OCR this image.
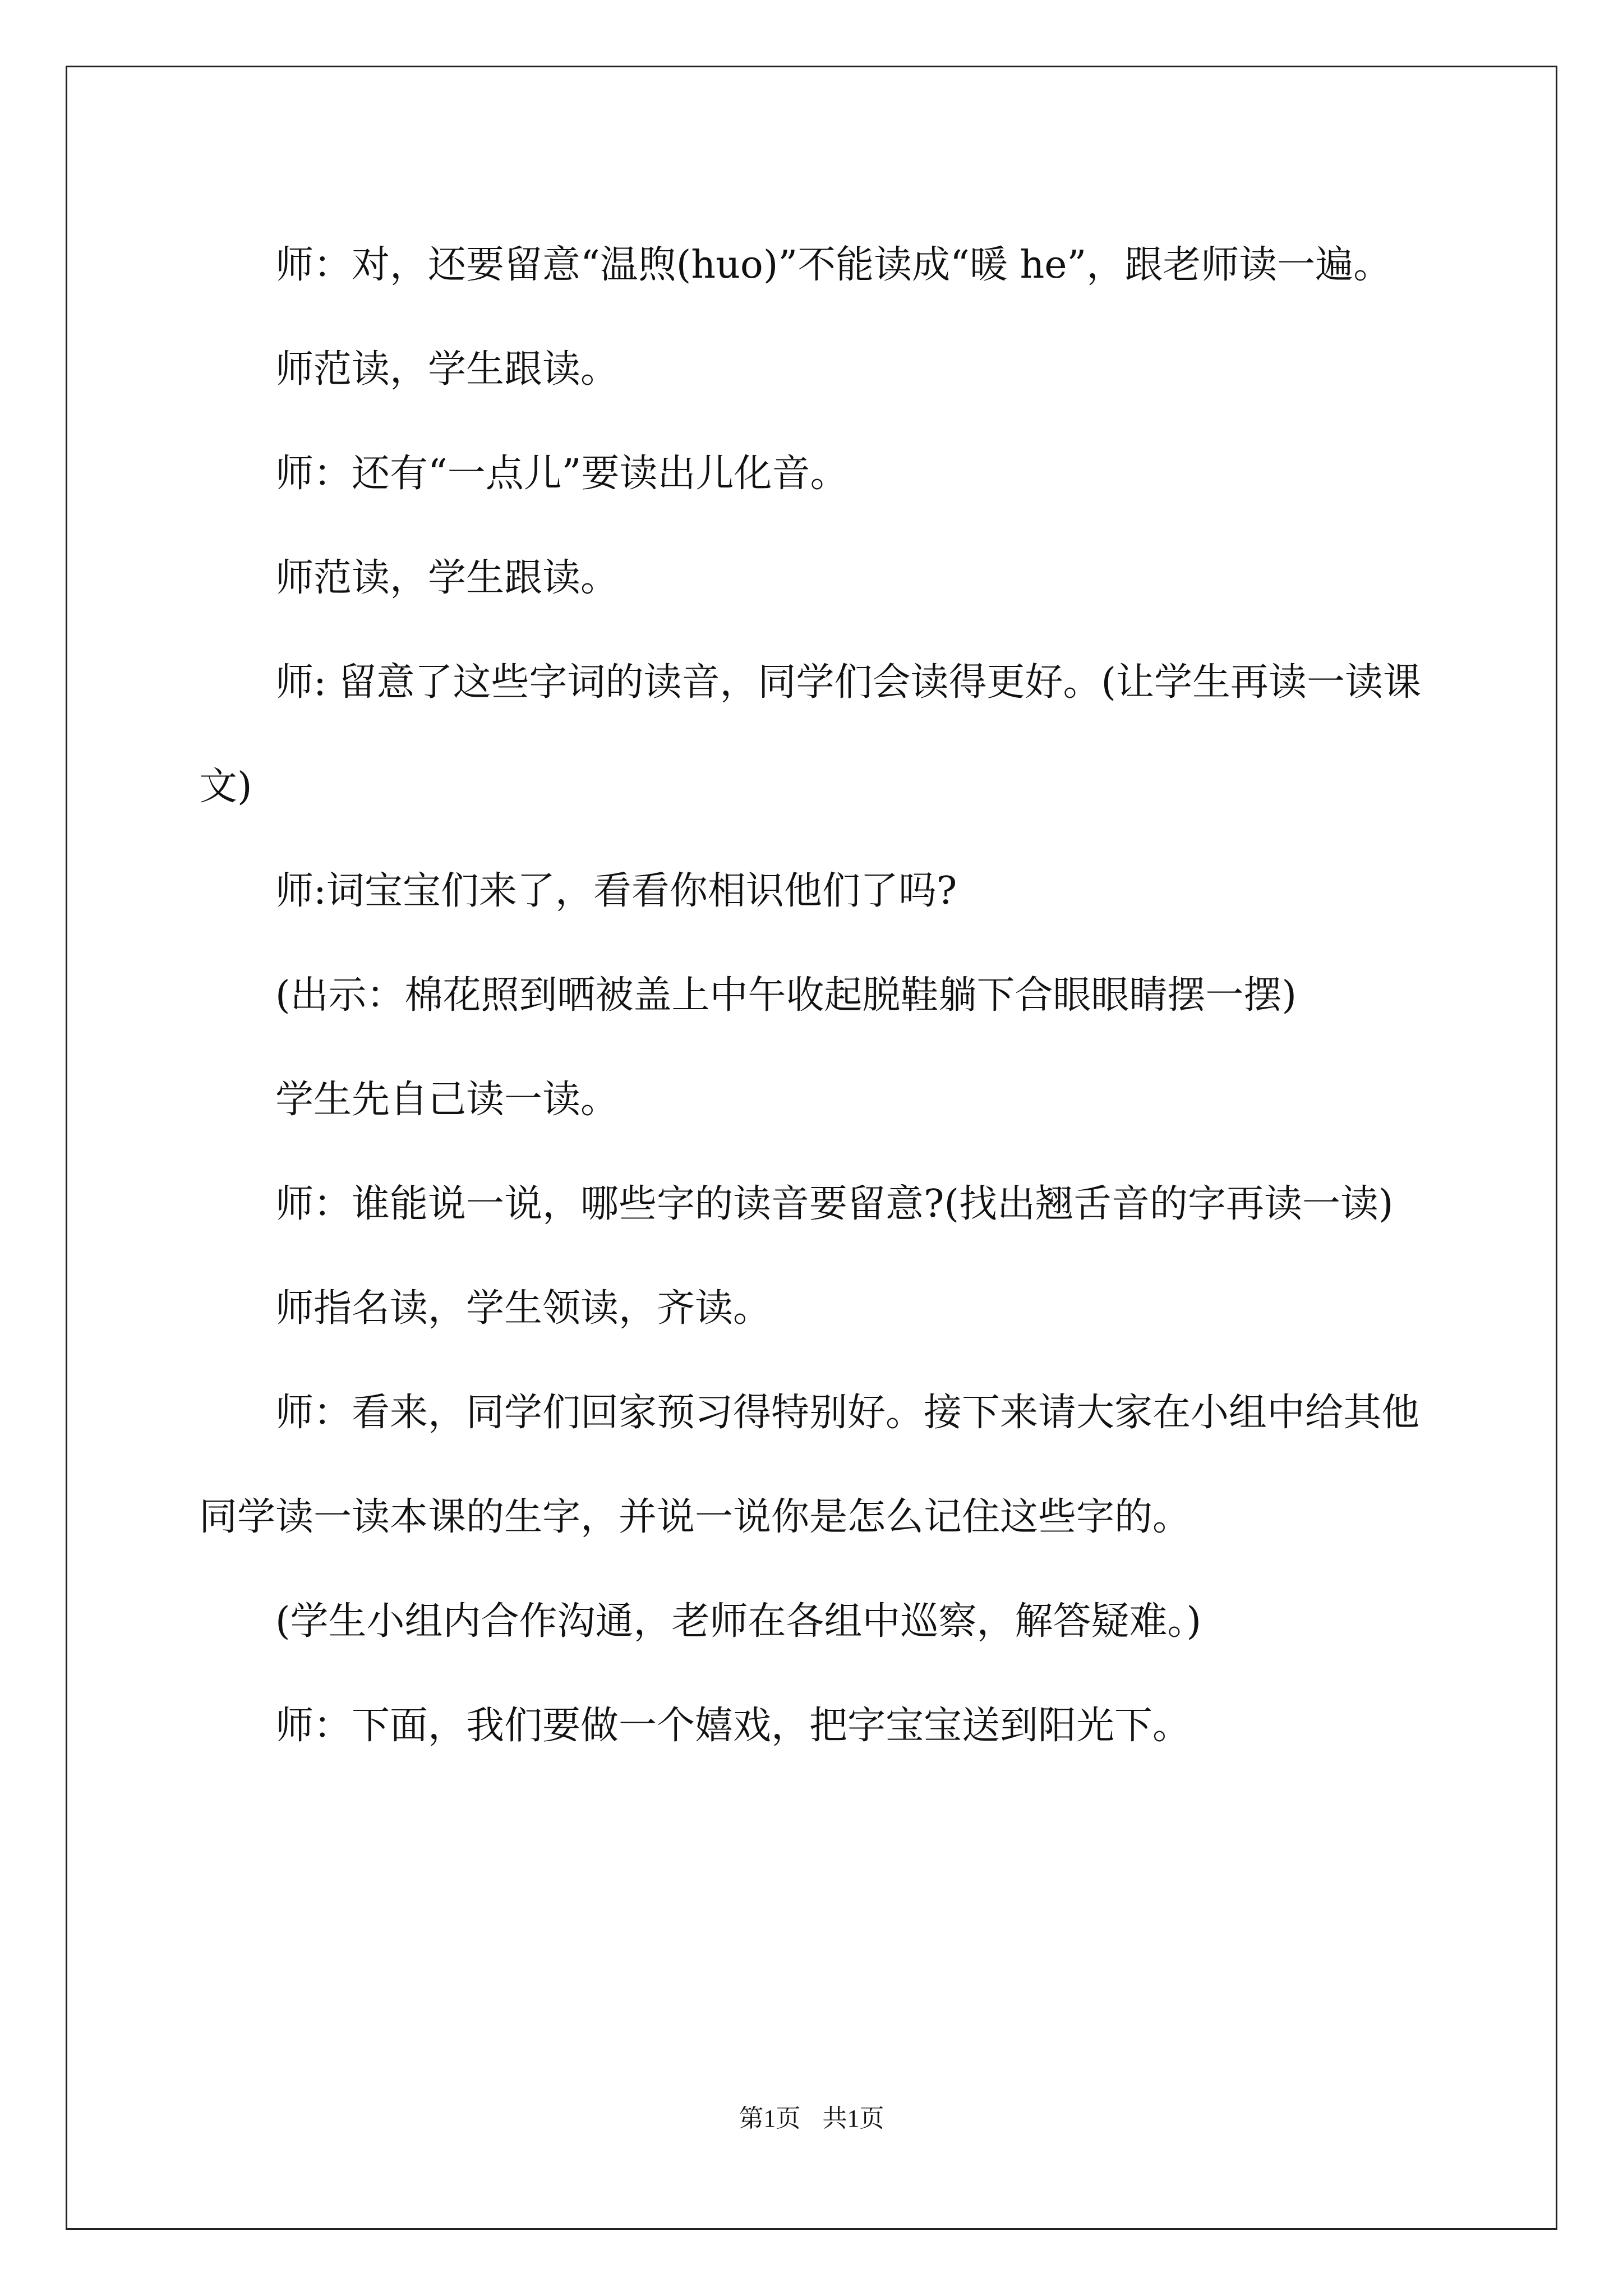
师：对，还要留意“温煦(huo)”不能读成“暖 he”，跟老师读一遍。

师范读，学生跟读。

师：还有“一点儿”要读出儿化音。

师范读，学生跟读。

师: 留意了这些字词的读音，同学们会读得更好。(让学生再读一读课文)

师:词宝宝们来了，看看你相识他们了吗?

(出示：棉花照到晒被盖上中午收起脱鞋躺下合眼眼睛摆一摆)

学生先自己读一读。

师：谁能说一说，哪些字的读音要留意?(找出翘舌音的字再读一读)

师指名读，学生领读，齐读。

师：看来，同学们回家预习得特别好。接下来请大家在小组中给其他同学读一读本课的生字，并说一说你是怎么记住这些字的。

(学生小组内合作沟通，老师在各组中巡察，解答疑难。)

师：下面，我们要做一个嬉戏，把字宝宝送到阳光下。

第1页 共1页
